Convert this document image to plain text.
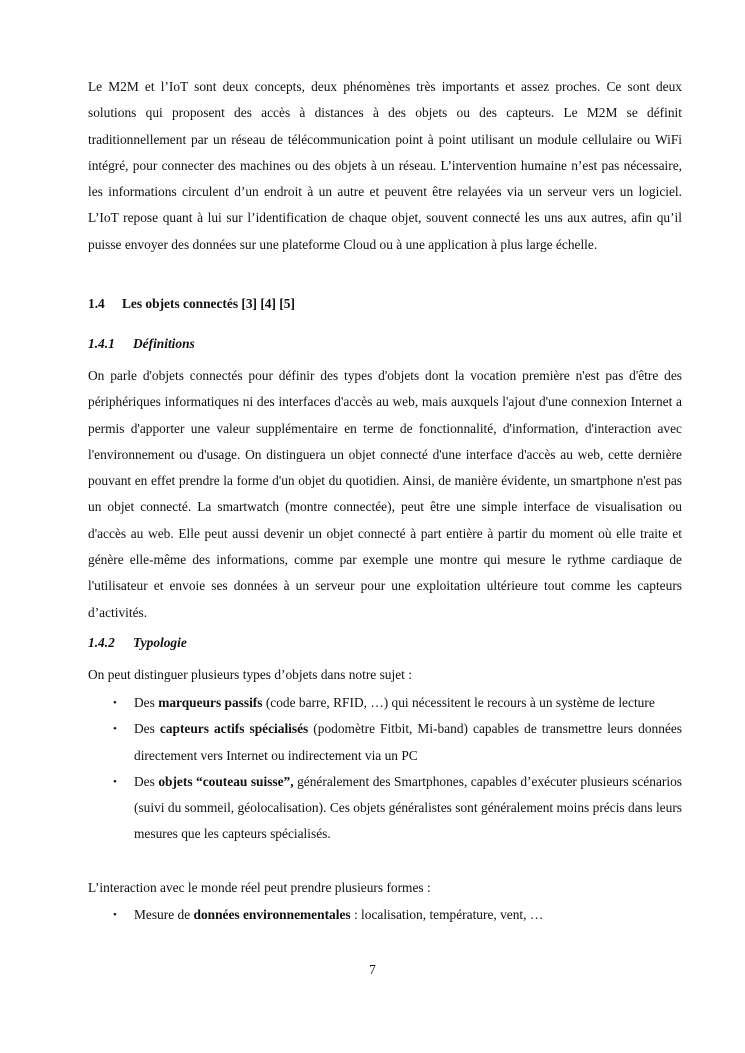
Le M2M et l’IoT sont deux concepts, deux phénomènes très importants et assez proches. Ce sont deux solutions qui proposent des accès à distances à des objets ou des capteurs. Le M2M se définit traditionnellement par un réseau de télécommunication point à point utilisant un module cellulaire ou WiFi intégré, pour connecter des machines ou des objets à un réseau. L’intervention humaine n’est pas nécessaire, les informations circulent d’un endroit à un autre et peuvent être relayées via un serveur vers un logiciel. L’IoT repose quant à lui sur l’identification de chaque objet, souvent connecté les uns aux autres, afin qu’il puisse envoyer des données sur une plateforme Cloud ou à une application à plus large échelle.

1.4 Les objets connectés [3] [4] [5]
1.4.1 Définitions

On parle d'objets connectés pour définir des types d'objets dont la vocation première n'est pas d'être des périphériques informatiques ni des interfaces d'accès au web, mais auxquels l'ajout d'une connexion Internet a permis d'apporter une valeur supplémentaire en terme de fonctionnalité, d'information, d'interaction avec l'environnement ou d'usage. On distinguera un objet connecté d'une interface d'accès au web, cette dernière pouvant en effet prendre la forme d'un objet du quotidien. Ainsi, de manière évidente, un smartphone n'est pas un objet connecté. La smartwatch (montre connectée), peut être une simple interface de visualisation ou d'accès au web. Elle peut aussi devenir un objet connecté à part entière à partir du moment où elle traite et génère elle-même des informations, comme par exemple une montre qui mesure le rythme cardiaque de l'utilisateur et envoie ses données à un serveur pour une exploitation ultérieure tout comme les capteurs d’activités.

1.4.2 Typologie

On peut distinguer plusieurs types d’objets dans notre sujet :

• Des marqueurs passifs (code barre, RFID, …) qui nécessitent le recours à un système de lecture
• Des capteurs actifs spécialisés (podomètre Fitbit, Mi-band) capables de transmettre leurs données directement vers Internet ou indirectement via un PC
• Des objets “couteau suisse”, généralement des Smartphones, capables d’exécuter plusieurs scénarios (suivi du sommeil, géolocalisation). Ces objets généralistes sont généralement moins précis dans leurs mesures que les capteurs spécialisés.

L’interaction avec le monde réel peut prendre plusieurs formes :

• Mesure de données environnementales : localisation, température, vent, …
7
